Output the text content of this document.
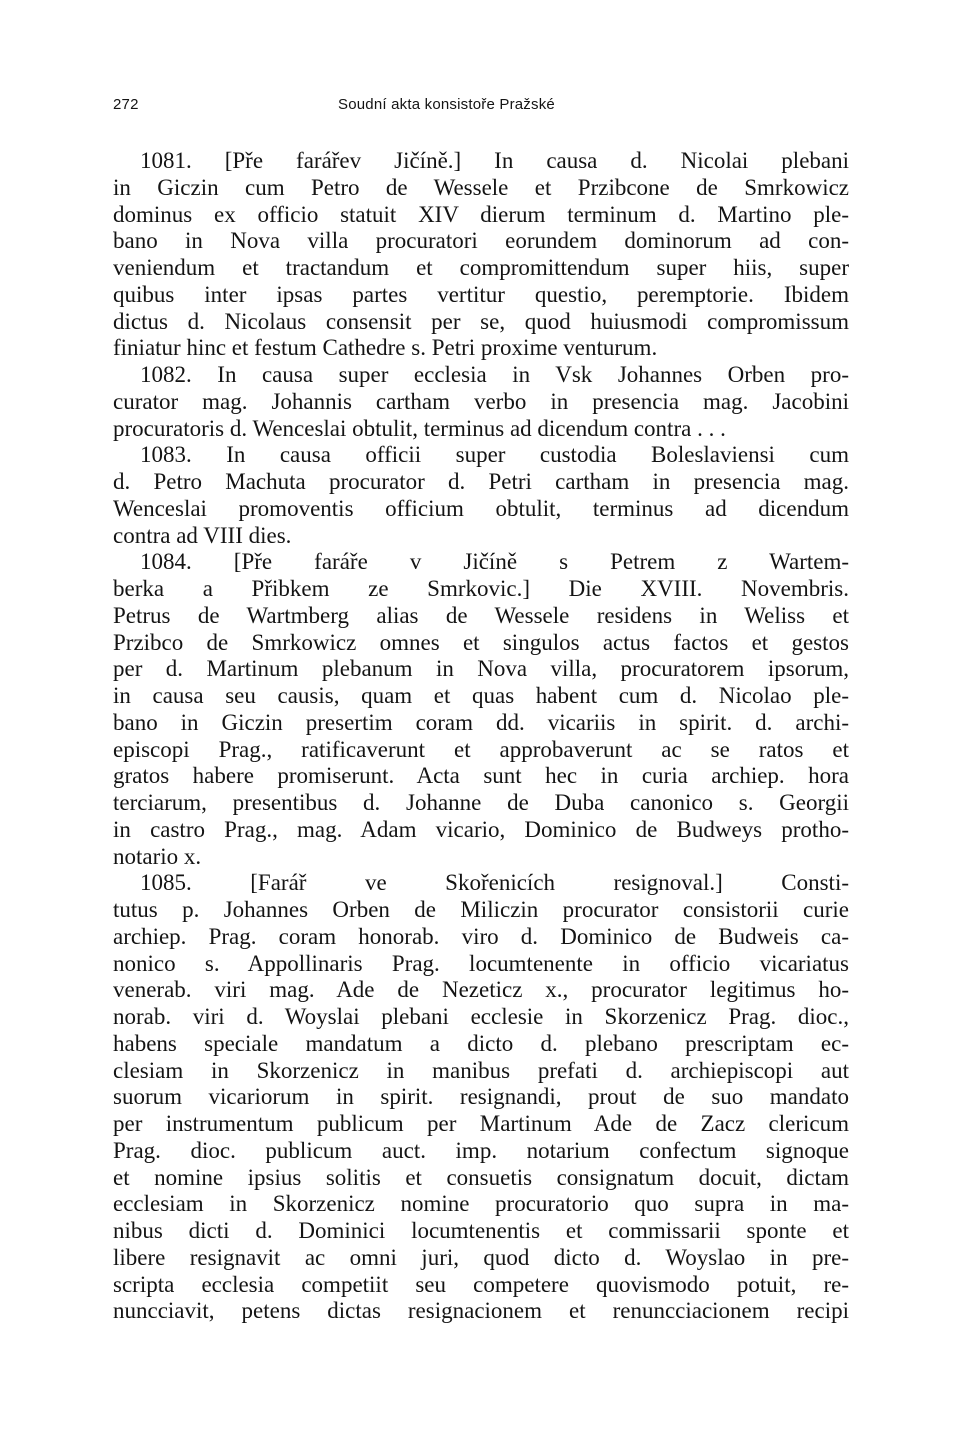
272	Soudní akta konsistoře Pražské
1081. [Pře farářev Jičíně.] In causa d. Nicolai plebani
in Giczin cum Petro de Wessele et Przibcone de Smrkowicz
dominus ex officio statuit XIV dierum terminum d. Martino ple-
bano in Nova villa procuratori eorundem dominorum ad con-
veniendum et tractandum et compromittendum super hiis, super
quibus inter ipsas partes vertitur questio, peremptorie. Ibidem
dictus d. Nicolaus consensit per se, quod huiusmodi compromissum
finiatur hinc et festum Cathedre s. Petri proxime venturum.
1082. In causa super ecclesia in Vsk Johannes Orben pro-
curator mag. Johannis cartham verbo in presencia mag. Jacobini
procuratoris d. Wenceslai obtulit, terminus ad dicendum contra . . .
1083. In causa officii super custodia Boleslaviensi cum
d. Petro Machuta procurator d. Petri cartham in presencia mag.
Wenceslai promoventis officium obtulit, terminus ad dicendum
contra ad VIII dies.
1084. [Pře faráře v Jičíně s Petrem z Wartem-
berka a Přibkem ze Smrkovic.] Die XVIII. Novembris.
Petrus de Wartmberg alias de Wessele residens in Weliss et
Przibco de Smrkowicz omnes et singulos actus factos et gestos
per d. Martinum plebanum in Nova villa, procuratorem ipsorum,
in causa seu causis, quam et quas habent cum d. Nicolao ple-
bano in Giczin presertim coram dd. vicariis in spirit. d. archi-
episcopi Prag., ratificaverunt et approbaverunt ac se ratos et
gratos habere promiserunt. Acta sunt hec in curia archiep. hora
terciarum, presentibus d. Johanne de Duba canonico s. Georgii
in castro Prag., mag. Adam vicario, Dominico de Budweys protho-
notario x.
1085. [Farář ve Skořenicích resignoval.] Consti-
tutus p. Johannes Orben de Miliczin procurator consistorii curie
archiep. Prag. coram honorab. viro d. Dominico de Budweis ca-
nonico s. Appollinaris Prag. locumtenente in officio vicariatus
venerab. viri mag. Ade de Nezeticz x., procurator legitimus ho-
norab. viri d. Woyslai plebani ecclesie in Skorzenicz Prag. dioc.,
habens speciale mandatum a dicto d. plebano prescriptam ec-
clesiam in Skorzenicz in manibus prefati d. archiepiscopi aut
suorum vicariorum in spirit. resignandi, prout de suo mandato
per instrumentum publicum per Martinum Ade de Zacz clericum
Prag. dioc. publicum auct. imp. notarium confectum signoque
et nomine ipsius solitis et consuetis consignatum docuit, dictam
ecclesiam in Skorzenicz nomine procuratorio quo supra in ma-
nibus dicti d. Dominici locumtenentis et commissarii sponte et
libere resignavit ac omni juri, quod dicto d. Woyslao in pre-
scripta ecclesia competiit seu competere quovismodo potuit, re-
nuncciavit, petens dictas resignacionem et renuncciacionem recipi
